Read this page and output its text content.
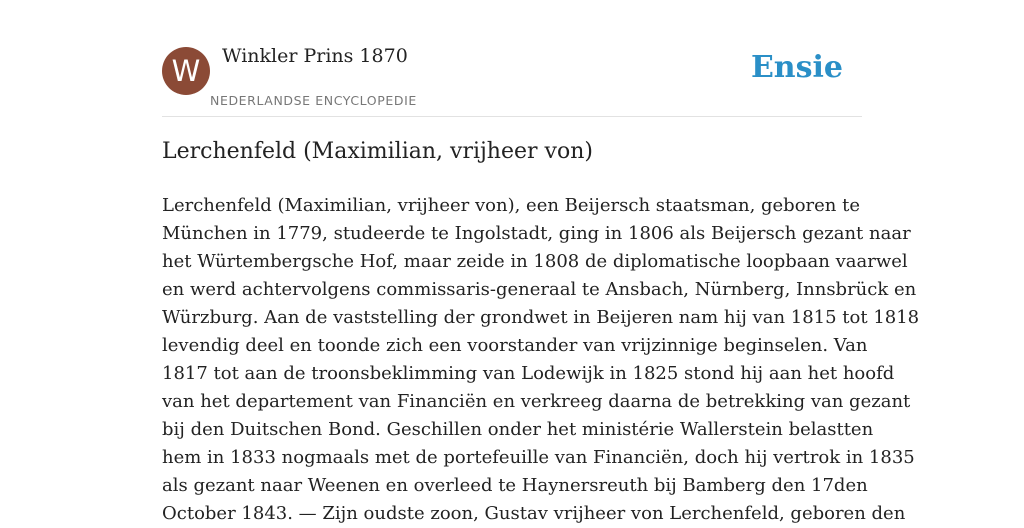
W	Winkler Prins 1870
NEDERLANDSE ENCYCLOPEDIE
Ensie
Lerchenfeld (Maximilian, vrijheer von)
Lerchenfeld (Maximilian, vrijheer von), een Beijersch staatsman, geboren te
München in 1779, studeerde te Ingolstadt, ging in 1806 als Beijersch gezant naar
het Würtembergsche Hof, maar zeide in 1808 de diplomatische loopbaan vaarwel
en werd achtervolgens commissaris-generaal te Ansbach, Nürnberg, Innsbrück en
Würzburg. Aan de vaststelling der grondwet in Beijeren nam hij van 1815 tot 1818
levendig deel en toonde zich een voorstander van vrijzinnige beginselen. Van
1817 tot aan de troonsbeklimming van Lodewijk in 1825 stond hij aan het hoofd
van het departement van Financiën en verkreeg daarna de betrekking van gezant
bij den Duitschen Bond. Geschillen onder het ministérie Wallerstein belastten
hem in 1833 nogmaals met de portefeuille van Financiën, doch hij vertrok in 1835
als gezant naar Weenen en overleed te Haynersreuth bij Bamberg den 17den
October 1843. — Zijn oudste zoon, Gustav vrijheer von Lerchenfeld, geboren den
